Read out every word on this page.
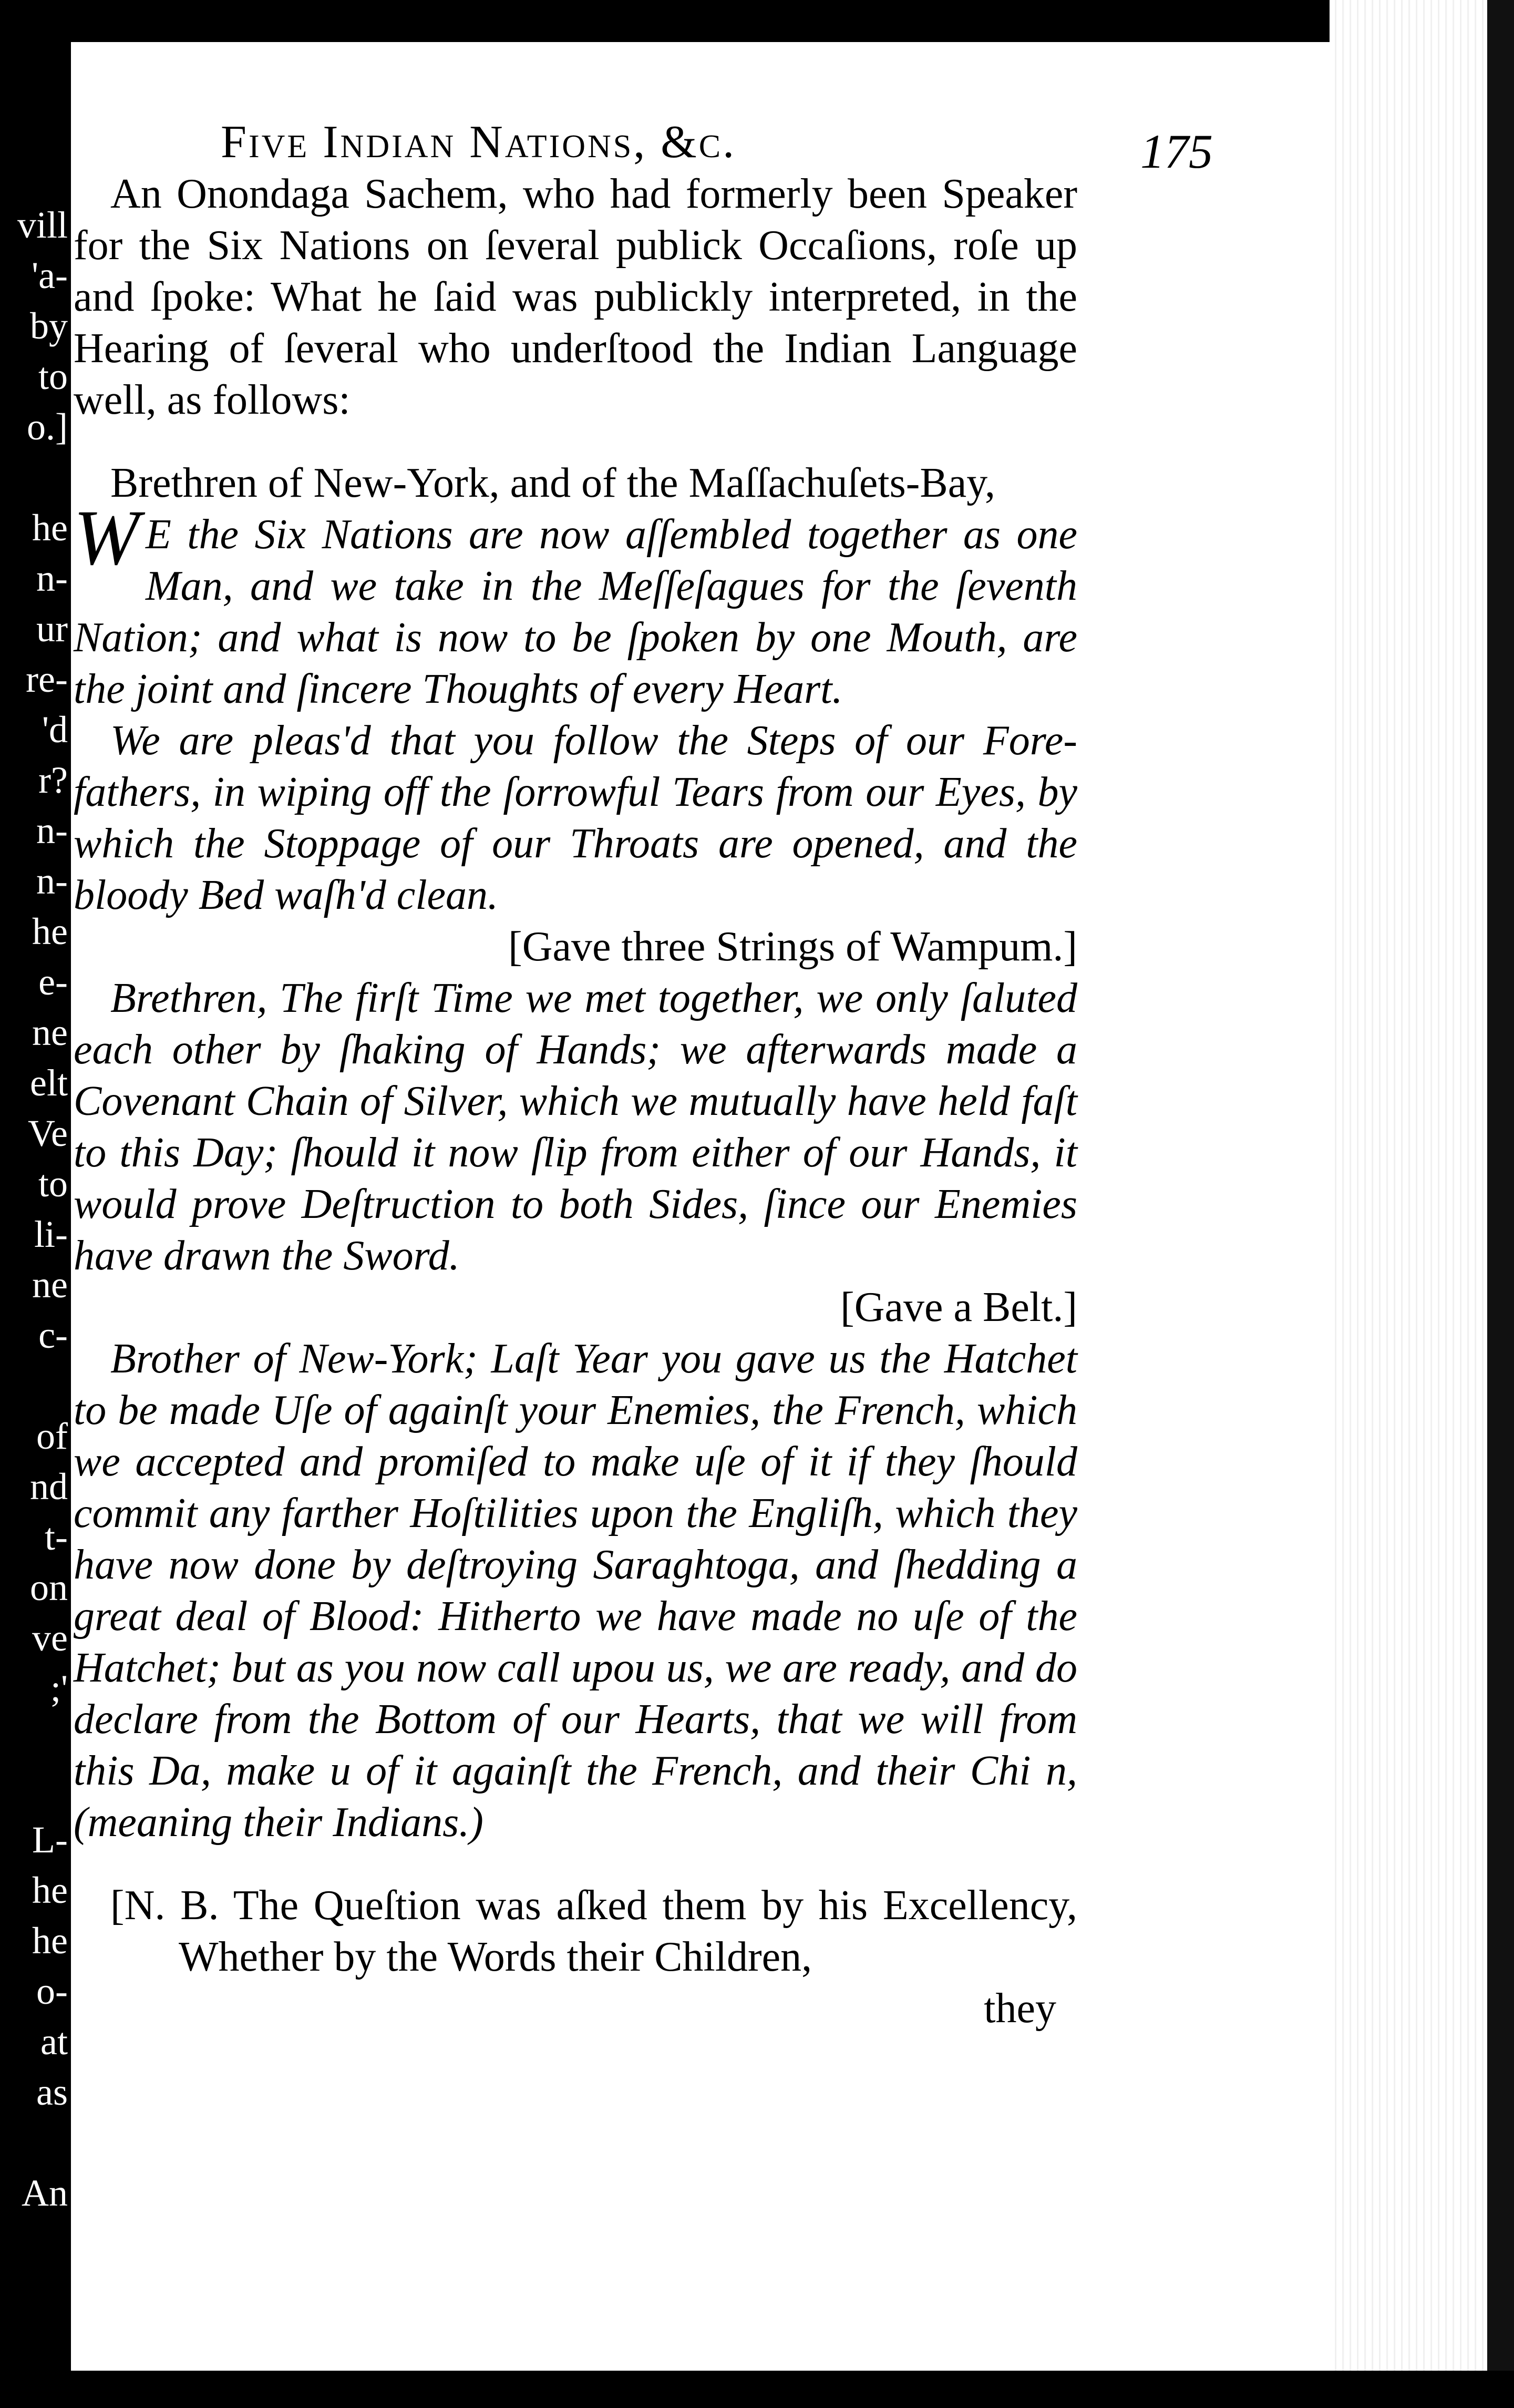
vill
'a-
by
to
o.]

he
n-
ur
re-
'd
r?
n-
n-
he
e-
ne
elt
Ve
to
li-
ne
c-

of
nd
t-
on
ve
;'

L-
he
he
o-
at
as

An
Five Indian Nations, &c.	175

An Onondaga Sachem, who had formerly been Speaker for the Six Nations on ſeveral publick Occaſions, roſe up and ſpoke: What he ſaid was publickly interpreted, in the Hearing of ſeveral who underſtood the Indian Language well, as follows:

Brethren of New-York, and of the Maſſachuſets-Bay,

W E the Six Nations are now aſſembled together as one Man, and we take in the Meſſeſagues for the ſeventh Nation; and what is now to be ſpoken by one Mouth, are the joint and ſincere Thoughts of every Heart.

We are pleas'd that you follow the Steps of our Fore-fathers, in wiping off the ſorrowful Tears from our Eyes, by which the Stoppage of our Throats are opened, and the bloody Bed waſh'd clean.

[Gave three Strings of Wampum.]

Brethren, The firſt Time we met together, we only ſaluted each other by ſhaking of Hands; we afterwards made a Covenant Chain of Silver, which we mutually have held faſt to this Day; ſhould it now ſlip from either of our Hands, it would prove Deſtruction to both Sides, ſince our Enemies have drawn the Sword.

[Gave a Belt.]

Brother of New-York; Laſt Year you gave us the Hatchet to be made Uſe of againſt your Enemies, the French, which we accepted and promiſed to make uſe of it if they ſhould commit any farther Hoſtilities upon the Engliſh, which they have now done by deſtroying Saraghtoga, and ſhedding a great deal of Blood: Hitherto we have made no uſe of the Hatchet; but as you now call upou us, we are ready, and do declare from the Bottom of our Hearts, that we will from this Da, make u of it againſt the French, and their Chi n, (meaning their Indians.)

[N. B. The Queſtion was aſked them by his Excellency, Whether by the Words their Children,

they
